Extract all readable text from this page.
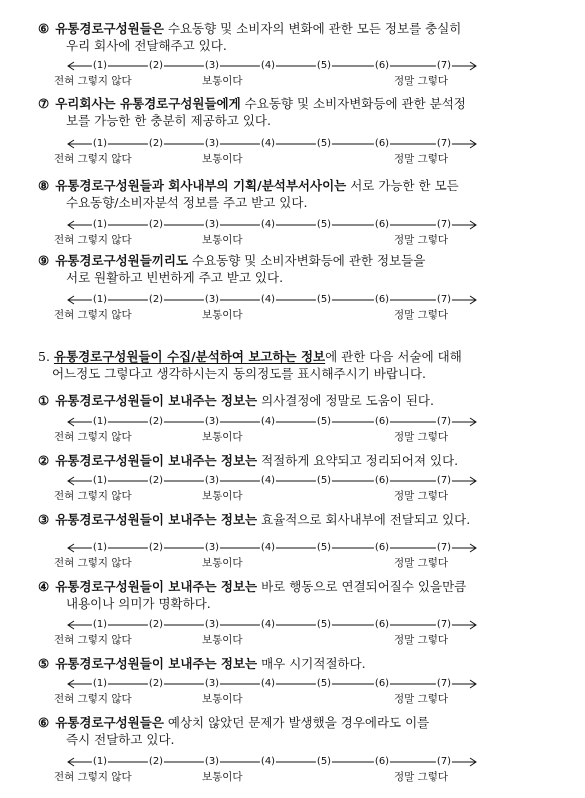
⑥ 유통경로구성원들은 수요동향 및 소비자의 변화에 관한 모든 정보를 충실히
우리 회사에 전달해주고 있다.
(1)	(2)	(3)	(4)	(5)	(6)	(7)
전혀 그렇지 않다	보통이다	정말 그렇다
⑦ 우리회사는 유통경로구성원들에게 수요동향 및 소비자변화등에 관한 분석정
보를 가능한 한 충분히 제공하고 있다.
(1)	(2)	(3)	(4)	(5)	(6)	(7)
전혀 그렇지 않다	보통이다	정말 그렇다
⑧ 유통경로구성원들과 회사내부의 기획/분석부서사이는 서로 가능한 한 모든
수요동향/소비자분석 정보를 주고 받고 있다.
(1)	(2)	(3)	(4)	(5)	(6)	(7)
전혀 그렇지 않다	보통이다	정말 그렇다
⑨ 유통경로구성원들끼리도 수요동향 및 소비자변화등에 관한 정보들을
서로 원활하고 빈번하게 주고 받고 있다.
(1)	(2)	(3)	(4)	(5)	(6)	(7)
전혀 그렇지 않다	보통이다	정말 그렇다
5. 유통경로구성원들이 수집/분석하여 보고하는 정보에 관한 다음 서술에 대해
어느정도 그렇다고 생각하시는지 동의정도를 표시해주시기 바랍니다.
① 유통경로구성원들이 보내주는 정보는 의사결정에 정말로 도움이 된다.
(1)	(2)	(3)	(4)	(5)	(6)	(7)
전혀 그렇지 않다	보통이다	정말 그렇다
② 유통경로구성원들이 보내주는 정보는 적절하게 요약되고 정리되어져 있다.
(1)	(2)	(3)	(4)	(5)	(6)	(7)
전혀 그렇지 않다	보통이다	정말 그렇다
③ 유통경로구성원들이 보내주는 정보는 효율적으로 회사내부에 전달되고 있다.
(1)	(2)	(3)	(4)	(5)	(6)	(7)
전혀 그렇지 않다	보통이다	정말 그렇다
④ 유통경로구성원들이 보내주는 정보는 바로 행동으로 연결되어질수 있을만큼
내용이나 의미가 명확하다.
(1)	(2)	(3)	(4)	(5)	(6)	(7)
전혀 그렇지 않다	보통이다	정말 그렇다
⑤ 유통경로구성원들이 보내주는 정보는 매우 시기적절하다.
(1)	(2)	(3)	(4)	(5)	(6)	(7)
전혀 그렇지 않다	보통이다	정말 그렇다
⑥ 유통경로구성원들은 예상치 않았던 문제가 발생했을 경우에라도 이를
즉시 전달하고 있다.
(1)	(2)	(3)	(4)	(5)	(6)	(7)
전혀 그렇지 않다	보통이다	정말 그렇다
